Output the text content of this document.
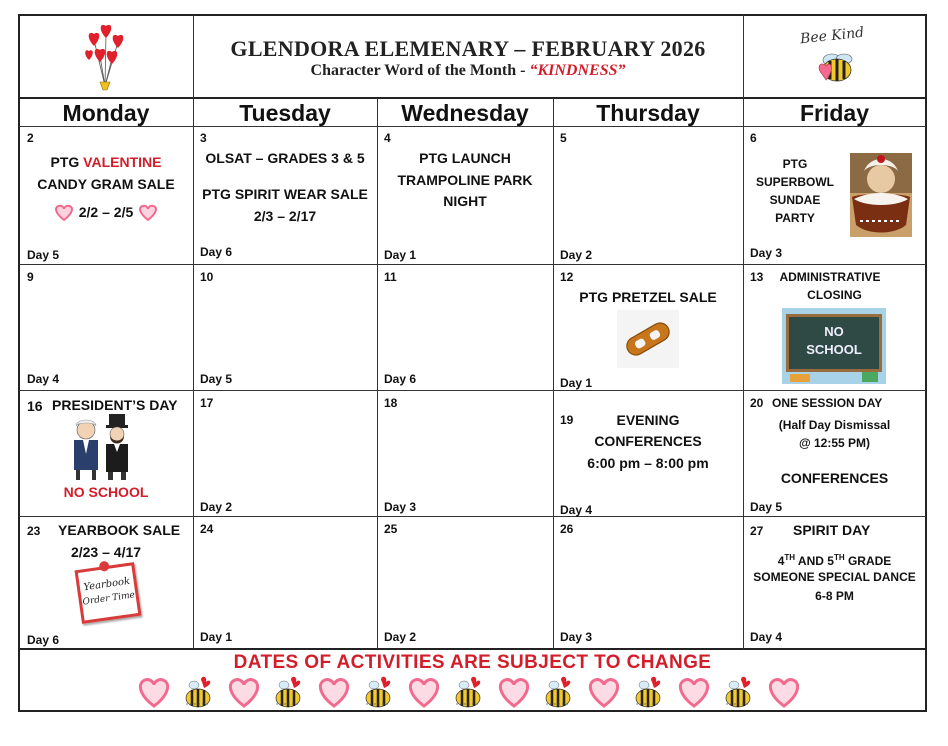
GLENDORA ELEMENARY – FEBRUARY 2026
Character Word of the Month - “KINDNESS”
Bee Kind
Monday	Tuesday	Wednesday	Thursday	Friday
2
PTG VALENTINE
CANDY GRAM SALE
2/2 – 2/5
Day 5
3
OLSAT – GRADES 3 & 5
PTG SPIRIT WEAR SALE
2/3 – 2/17
Day 6
4
PTG LAUNCH
TRAMPOLINE PARK
NIGHT
Day 1
5
Day 2
6
PTG
SUPERBOWL
SUNDAE
PARTY
Day 3
9
Day 4
10
Day 5
11
Day 6
12
PTG PRETZEL SALE
Day 1
13	ADMINISTRATIVE
CLOSING
NO
SCHOOL
16 PRESIDENT’S DAY
NO SCHOOL
17
Day 2
18
Day 3
19	EVENING
CONFERENCES
6:00 pm – 8:00 pm
Day 4
20 ONE SESSION DAY
(Half Day Dismissal
@ 12:55 PM)
CONFERENCES
Day 5
23 YEARBOOK SALE
2/23 – 4/17
Yearbook
Order Time
Day 6
24
Day 1
25
Day 2
26
Day 3
27 SPIRIT DAY
4TH AND 5TH GRADE
SOMEONE SPECIAL DANCE
6-8 PM
Day 4
DATES OF ACTIVITIES ARE SUBJECT TO CHANGE
